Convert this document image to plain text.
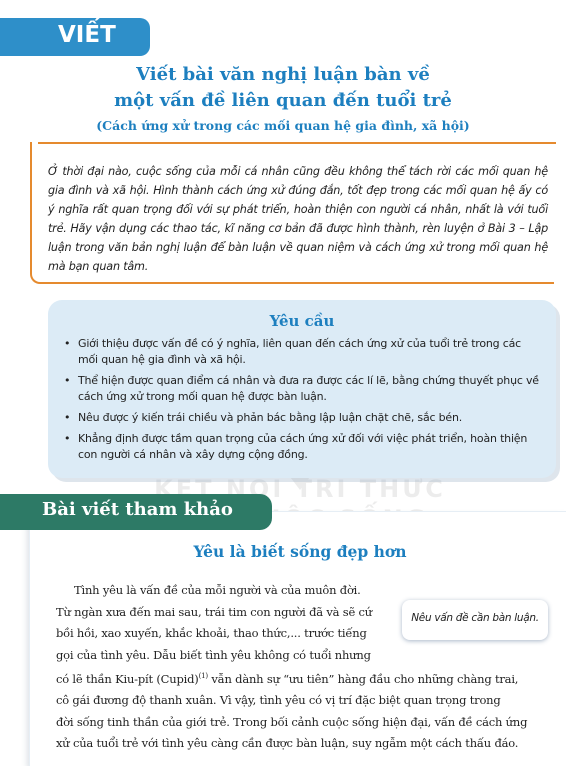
KẾT NỐI TRI THỨC
VIẾT
Viết bài văn nghị luận bàn về
một vấn đề liên quan đến tuổi trẻ
(Cách ứng xử trong các mối quan hệ gia đình, xã hội)

Ở thời đại nào, cuộc sống của mỗi cá nhân cũng đều không thể tách rời các mối quan hệ gia đình và xã hội. Hình thành cách ứng xử đúng đắn, tốt đẹp trong các mối quan hệ ấy có ý nghĩa rất quan trọng đối với sự phát triển, hoàn thiện con người cá nhân, nhất là với tuổi trẻ. Hãy vận dụng các thao tác, kĩ năng cơ bản đã được hình thành, rèn luyện ở Bài 3 – Lập luận trong văn bản nghị luận để bàn luận về quan niệm và cách ứng xử trong mối quan hệ mà bạn quan tâm.

Yêu cầu
• Giới thiệu được vấn đề có ý nghĩa, liên quan đến cách ứng xử của tuổi trẻ trong các mối quan hệ gia đình và xã hội.
• Thể hiện được quan điểm cá nhân và đưa ra được các lí lẽ, bằng chứng thuyết phục về cách ứng xử trong mối quan hệ được bàn luận.
• Nêu được ý kiến trái chiều và phản bác bằng lập luận chặt chẽ, sắc bén.
• Khẳng định được tầm quan trọng của cách ứng xử đối với việc phát triển, hoàn thiện con người cá nhân và xây dựng cộng đồng.
Bài viết tham khảo
Yêu là biết sống đẹp hơn
Tình yêu là vấn đề của mỗi người và của muôn đời.
Từ ngàn xưa đến mai sau, trái tim con người đã và sẽ cứ
bồi hồi, xao xuyến, khắc khoải, thao thức,... trước tiếng
gọi của tình yêu. Dẫu biết tình yêu không có tuổi nhưng
có lẽ thần Kiu-pít (Cupid)$^{(1)}$ vẫn dành sự “ưu tiên” hàng đầu cho những chàng trai,
cô gái đương độ thanh xuân. Vì vậy, tình yêu có vị trí đặc biệt quan trọng trong
đời sống tinh thần của giới trẻ. Trong bối cảnh cuộc sống hiện đại, vấn đề cách ứng
xử của tuổi trẻ với tình yêu càng cần được bàn luận, suy ngẫm một cách thấu đáo.
Nêu vấn đề cần bàn luận.
